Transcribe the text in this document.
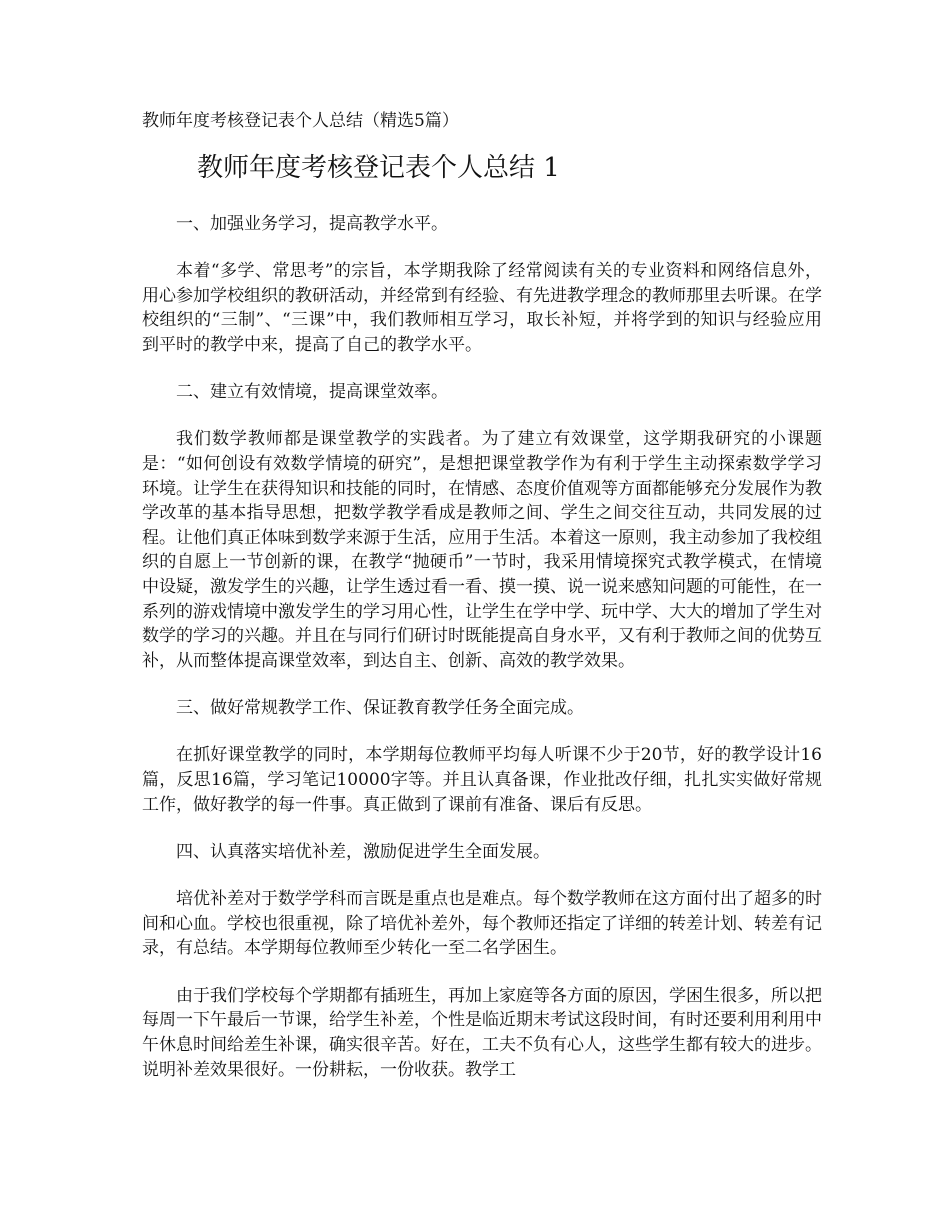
教师年度考核登记表个人总结（精选5篇）

教师年度考核登记表个人总结 1

一、加强业务学习，提高教学水平。

本着“多学、常思考”的宗旨，本学期我除了经常阅读有关的专业资料和网络信息外，用心参加学校组织的教研活动，并经常到有经验、有先进教学理念的教师那里去听课。在学校组织的“三制”、“三课”中，我们教师相互学习，取长补短，并将学到的知识与经验应用到平时的教学中来，提高了自己的教学水平。

二、建立有效情境，提高课堂效率。

我们数学教师都是课堂教学的实践者。为了建立有效课堂，这学期我研究的小课题是：“如何创设有效数学情境的研究”，是想把课堂教学作为有利于学生主动探索数学学习环境。让学生在获得知识和技能的同时，在情感、态度价值观等方面都能够充分发展作为教学改革的基本指导思想，把数学教学看成是教师之间、学生之间交往互动，共同发展的过程。让他们真正体味到数学来源于生活，应用于生活。本着这一原则，我主动参加了我校组织的自愿上一节创新的课，在教学“抛硬币”一节时，我采用情境探究式教学模式，在情境中设疑，激发学生的兴趣，让学生透过看一看、摸一摸、说一说来感知问题的可能性，在一系列的游戏情境中激发学生的学习用心性，让学生在学中学、玩中学、大大的增加了学生对数学的学习的兴趣。并且在与同行们研讨时既能提高自身水平，又有利于教师之间的优势互补，从而整体提高课堂效率，到达自主、创新、高效的教学效果。

三、做好常规教学工作、保证教育教学任务全面完成。

在抓好课堂教学的同时，本学期每位教师平均每人听课不少于20节，好的教学设计16篇，反思16篇，学习笔记10000字等。并且认真备课，作业批改仔细，扎扎实实做好常规工作，做好教学的每一件事。真正做到了课前有准备、课后有反思。

四、认真落实培优补差，激励促进学生全面发展。

培优补差对于数学学科而言既是重点也是难点。每个数学教师在这方面付出了超多的时间和心血。学校也很重视，除了培优补差外，每个教师还指定了详细的转差计划、转差有记录，有总结。本学期每位教师至少转化一至二名学困生。

由于我们学校每个学期都有插班生，再加上家庭等各方面的原因，学困生很多，所以把每周一下午最后一节课，给学生补差，个性是临近期末考试这段时间，有时还要利用利用中午休息时间给差生补课，确实很辛苦。好在，工夫不负有心人，这些学生都有较大的进步。说明补差效果很好。一份耕耘，一份收获。教学工
